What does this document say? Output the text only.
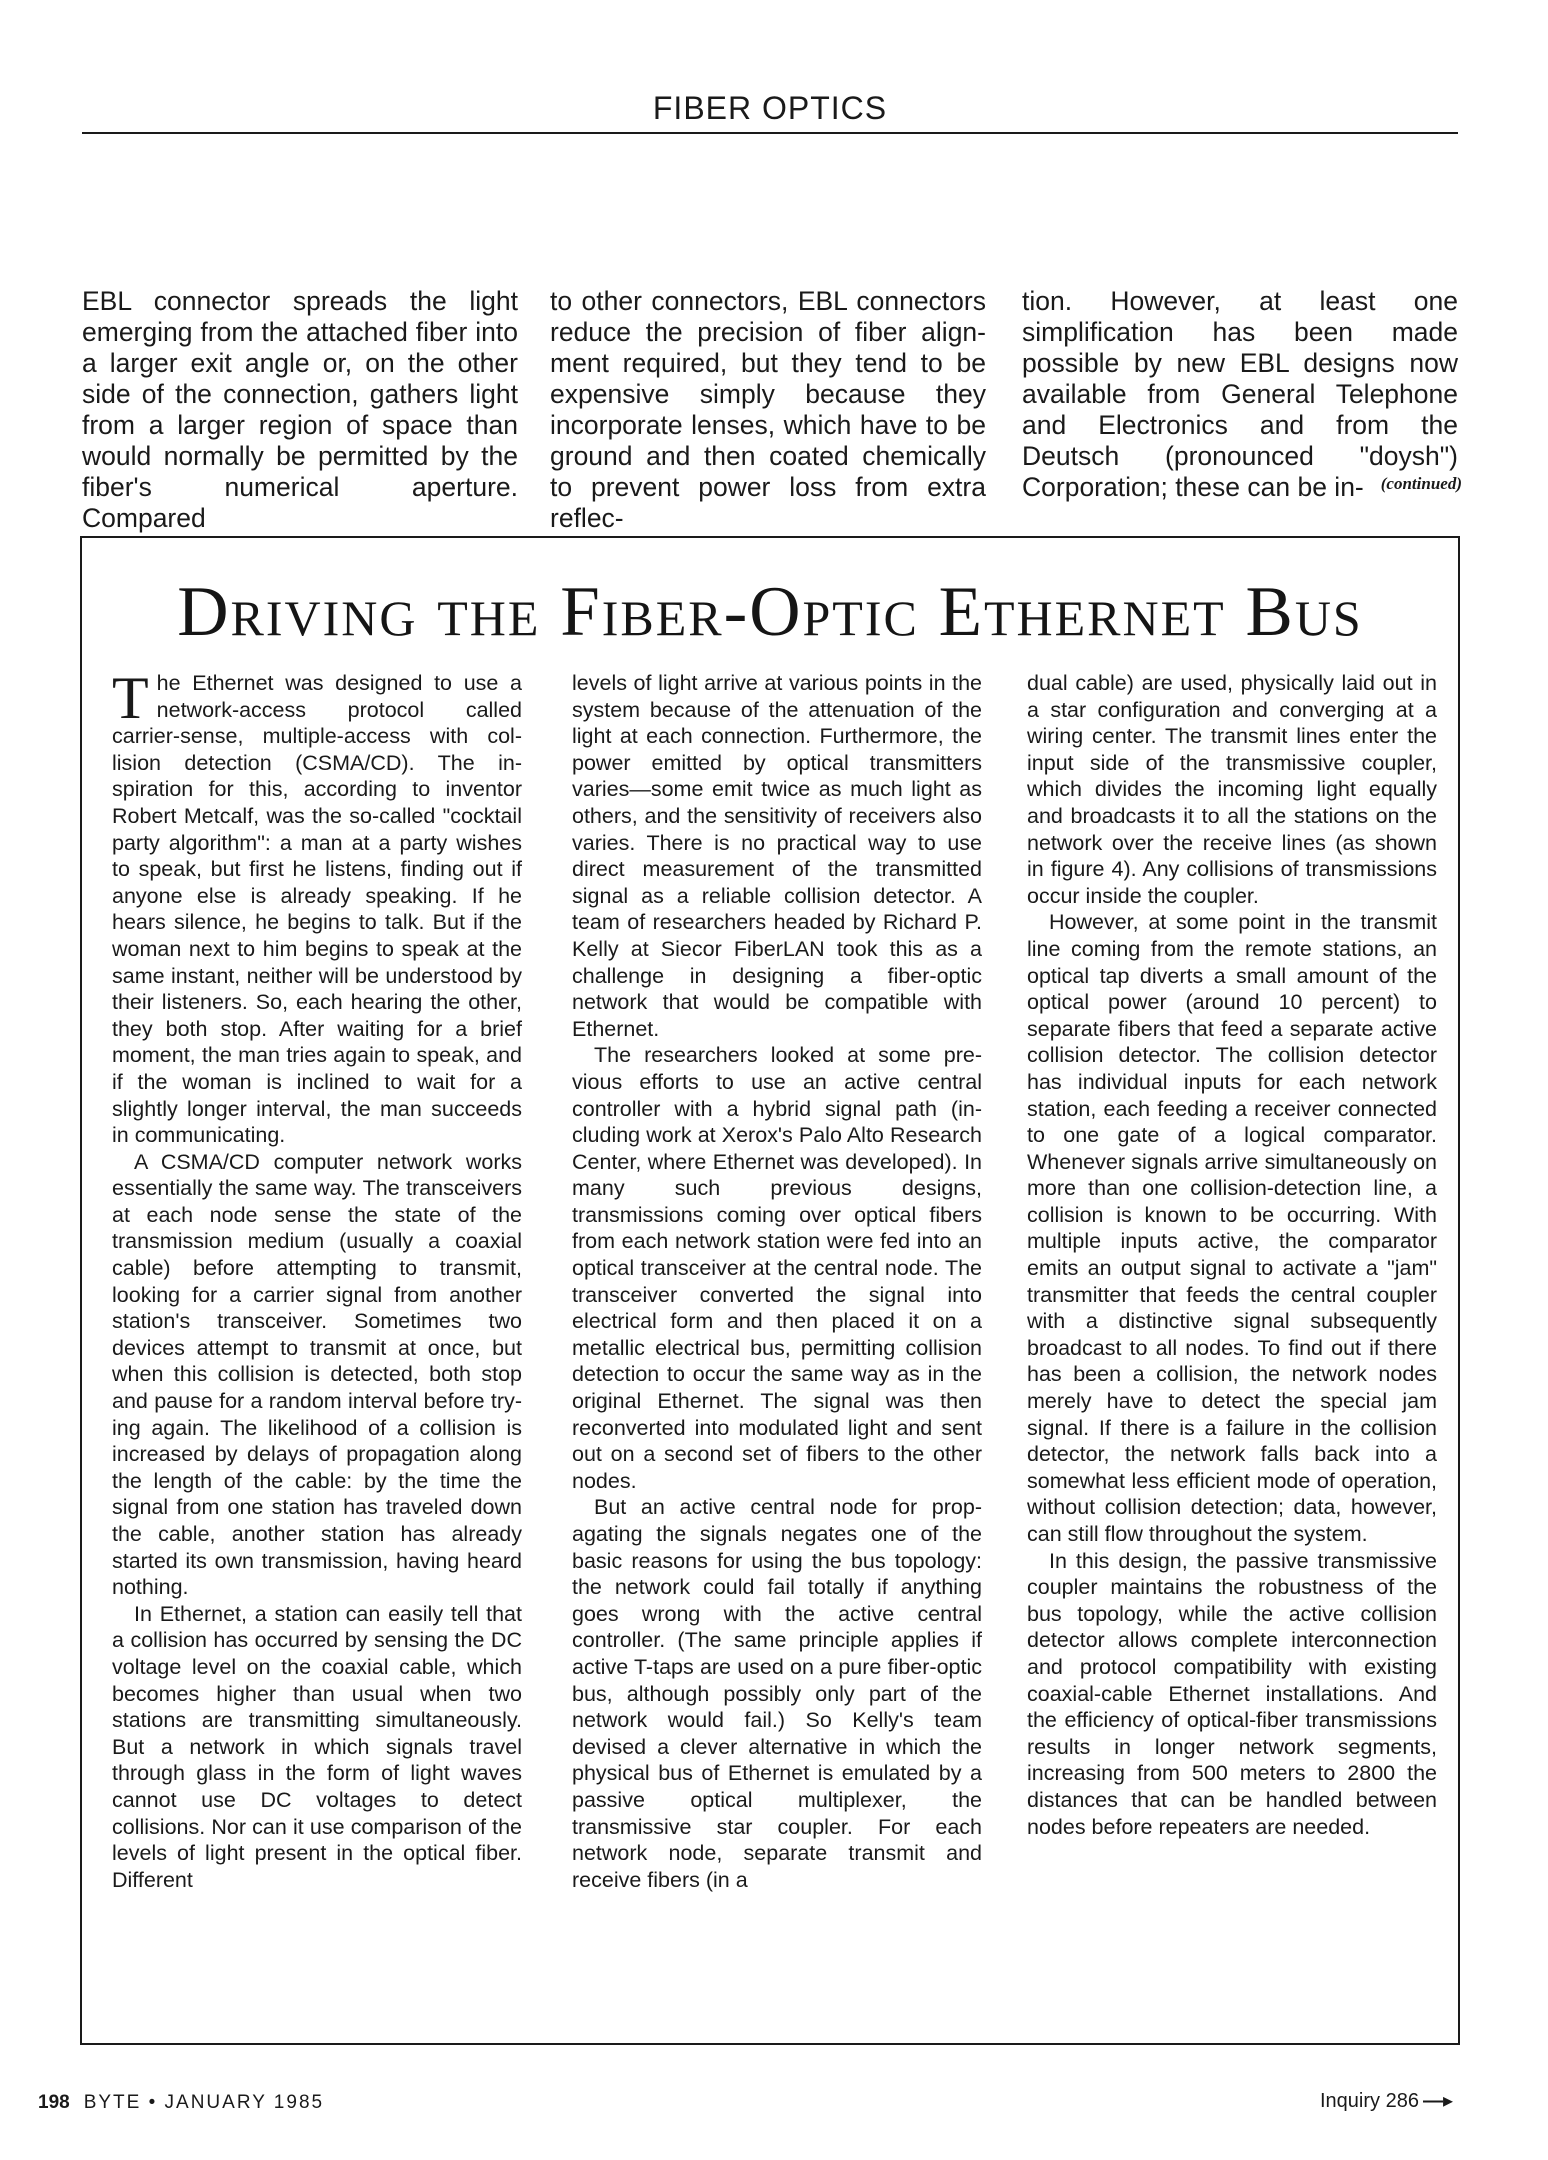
FIBER OPTICS

EBL connector spreads the light emerging from the attached fiber into a larger exit angle or, on the other side of the connection, gathers light from a larger region of space than would normally be permitted by the fiber's numerical aperture. Compared

to other connectors, EBL connectors reduce the precision of fiber alignment required, but they tend to be expensive simply because they incorporate lenses, which have to be ground and then coated chemically to prevent power loss from extra reflec-

tion. However, at least one simplification has been made possible by new EBL designs now available from General Telephone and Electronics and from the Deutsch (pronounced "doysh") Corporation; these can be in-	(continued)
Driving the Fiber-Optic Ethernet Bus

The Ethernet was designed to use a network-access protocol called carrier-sense, multiple-access with collision detection (CSMA/CD). The inspiration for this, according to inventor Robert Metcalf, was the so-called "cocktail party algorithm": a man at a party wishes to speak, but first he listens, finding out if anyone else is already speaking. If he hears silence, he begins to talk. But if the woman next to him begins to speak at the same instant, neither will be understood by their listeners. So, each hearing the other, they both stop. After waiting for a brief moment, the man tries again to speak, and if the woman is inclined to wait for a slightly longer interval, the man succeeds in communicating.

A CSMA/CD computer network works essentially the same way. The transceivers at each node sense the state of the transmission medium (usually a coaxial cable) before attempting to transmit, looking for a carrier signal from another station's transceiver. Sometimes two devices attempt to transmit at once, but when this collision is detected, both stop and pause for a random interval before trying again. The likelihood of a collision is increased by delays of propagation along the length of the cable: by the time the signal from one station has traveled down the cable, another station has already started its own transmission, having heard nothing.

In Ethernet, a station can easily tell that a collision has occurred by sensing the DC voltage level on the coaxial cable, which becomes higher than usual when two stations are transmitting simultaneously. But a network in which signals travel through glass in the form of light waves cannot use DC voltages to detect collisions. Nor can it use comparison of the levels of light present in the optical fiber. Different

levels of light arrive at various points in the system because of the attenuation of the light at each connection. Furthermore, the power emitted by optical transmitters varies—some emit twice as much light as others, and the sensitivity of receivers also varies. There is no practical way to use direct measurement of the transmitted signal as a reliable collision detector. A team of researchers headed by Richard P. Kelly at Siecor FiberLAN took this as a challenge in designing a fiber-optic network that would be compatible with Ethernet.

The researchers looked at some previous efforts to use an active central controller with a hybrid signal path (including work at Xerox's Palo Alto Research Center, where Ethernet was developed). In many such previous designs, transmissions coming over optical fibers from each network station were fed into an optical transceiver at the central node. The transceiver converted the signal into electrical form and then placed it on a metallic electrical bus, permitting collision detection to occur the same way as in the original Ethernet. The signal was then reconverted into modulated light and sent out on a second set of fibers to the other nodes.

But an active central node for propagating the signals negates one of the basic reasons for using the bus topology: the network could fail totally if anything goes wrong with the active central controller. (The same principle applies if active T-taps are used on a pure fiber-optic bus, although possibly only part of the network would fail.) So Kelly's team devised a clever alternative in which the physical bus of Ethernet is emulated by a passive optical multiplexer, the transmissive star coupler. For each network node, separate transmit and receive fibers (in a

dual cable) are used, physically laid out in a star configuration and converging at a wiring center. The transmit lines enter the input side of the transmissive coupler, which divides the incoming light equally and broadcasts it to all the stations on the network over the receive lines (as shown in figure 4). Any collisions of transmissions occur inside the coupler.

However, at some point in the transmit line coming from the remote stations, an optical tap diverts a small amount of the optical power (around 10 percent) to separate fibers that feed a separate active collision detector. The collision detector has individual inputs for each network station, each feeding a receiver connected to one gate of a logical comparator. Whenever signals arrive simultaneously on more than one collision-detection line, a collision is known to be occurring. With multiple inputs active, the comparator emits an output signal to activate a "jam" transmitter that feeds the central coupler with a distinctive signal subsequently broadcast to all nodes. To find out if there has been a collision, the network nodes merely have to detect the special jam signal. If there is a failure in the collision detector, the network falls back into a somewhat less efficient mode of operation, without collision detection; data, however, can still flow throughout the system.

In this design, the passive transmissive coupler maintains the robustness of the bus topology, while the active collision detector allows complete interconnection and protocol compatibility with existing coaxial-cable Ethernet installations. And the efficiency of optical-fiber transmissions results in longer network segments, increasing from 500 meters to 2800 the distances that can be handled between nodes before repeaters are needed.

198 BYTE • JANUARY 1985	Inquiry 286 —▸
